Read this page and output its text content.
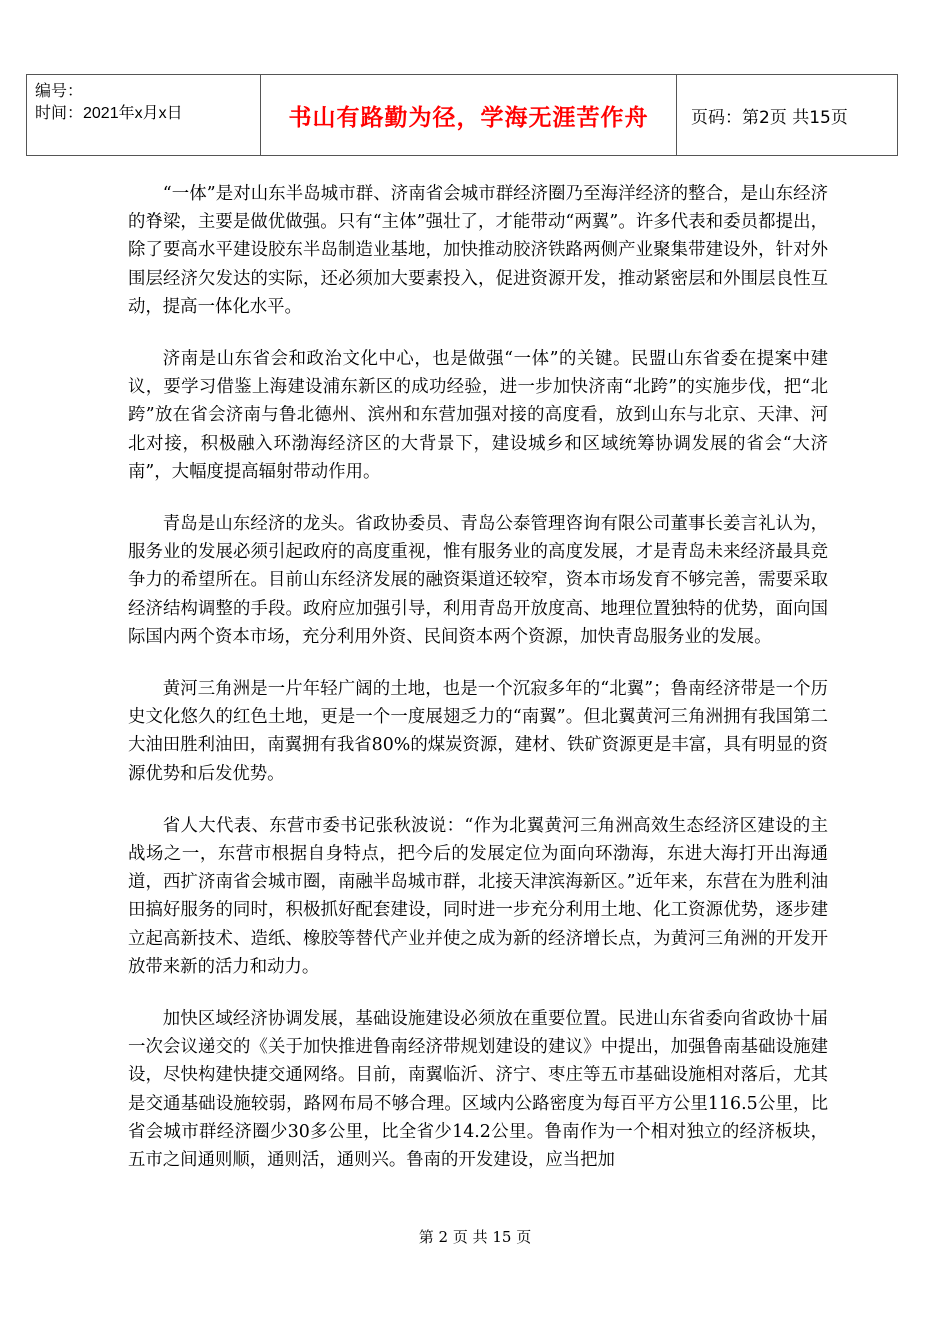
编号：
时间：2021年x月x日	书山有路勤为径，学海无涯苦作舟	页码：第2页 共15页

“一体”是对山东半岛城市群、济南省会城市群经济圈乃至海洋经济的整合，是山东经济的脊梁，主要是做优做强。只有“主体”强壮了，才能带动“两翼”。许多代表和委员都提出，除了要高水平建设胶东半岛制造业基地，加快推动胶济铁路两侧产业聚集带建设外，针对外围层经济欠发达的实际，还必须加大要素投入，促进资源开发，推动紧密层和外围层良性互动，提高一体化水平。

济南是山东省会和政治文化中心，也是做强“一体”的关键。民盟山东省委在提案中建议，要学习借鉴上海建设浦东新区的成功经验，进一步加快济南“北跨”的实施步伐，把“北跨”放在省会济南与鲁北德州、滨州和东营加强对接的高度看，放到山东与北京、天津、河北对接，积极融入环渤海经济区的大背景下，建设城乡和区域统筹协调发展的省会“大济南”，大幅度提高辐射带动作用。

青岛是山东经济的龙头。省政协委员、青岛公泰管理咨询有限公司董事长姜言礼认为，服务业的发展必须引起政府的高度重视，惟有服务业的高度发展，才是青岛未来经济最具竞争力的希望所在。目前山东经济发展的融资渠道还较窄，资本市场发育不够完善，需要采取经济结构调整的手段。政府应加强引导，利用青岛开放度高、地理位置独特的优势，面向国际国内两个资本市场，充分利用外资、民间资本两个资源，加快青岛服务业的发展。

黄河三角洲是一片年轻广阔的土地，也是一个沉寂多年的“北翼”；鲁南经济带是一个历史文化悠久的红色土地，更是一个一度展翅乏力的“南翼”。但北翼黄河三角洲拥有我国第二大油田胜利油田，南翼拥有我省80%的煤炭资源，建材、铁矿资源更是丰富，具有明显的资源优势和后发优势。

省人大代表、东营市委书记张秋波说：“作为北翼黄河三角洲高效生态经济区建设的主战场之一，东营市根据自身特点，把今后的发展定位为面向环渤海，东进大海打开出海通道，西扩济南省会城市圈，南融半岛城市群，北接天津滨海新区。”近年来，东营在为胜利油田搞好服务的同时，积极抓好配套建设，同时进一步充分利用土地、化工资源优势，逐步建立起高新技术、造纸、橡胶等替代产业并使之成为新的经济增长点，为黄河三角洲的开发开放带来新的活力和动力。

加快区域经济协调发展，基础设施建设必须放在重要位置。民进山东省委向省政协十届一次会议递交的《关于加快推进鲁南经济带规划建设的建议》中提出，加强鲁南基础设施建设，尽快构建快捷交通网络。目前，南翼临沂、济宁、枣庄等五市基础设施相对落后，尤其是交通基础设施较弱，路网布局不够合理。区域内公路密度为每百平方公里116.5公里，比省会城市群经济圈少30多公里，比全省少14.2公里。鲁南作为一个相对独立的经济板块，五市之间通则顺，通则活，通则兴。鲁南的开发建设，应当把加

第 2 页 共 15 页
